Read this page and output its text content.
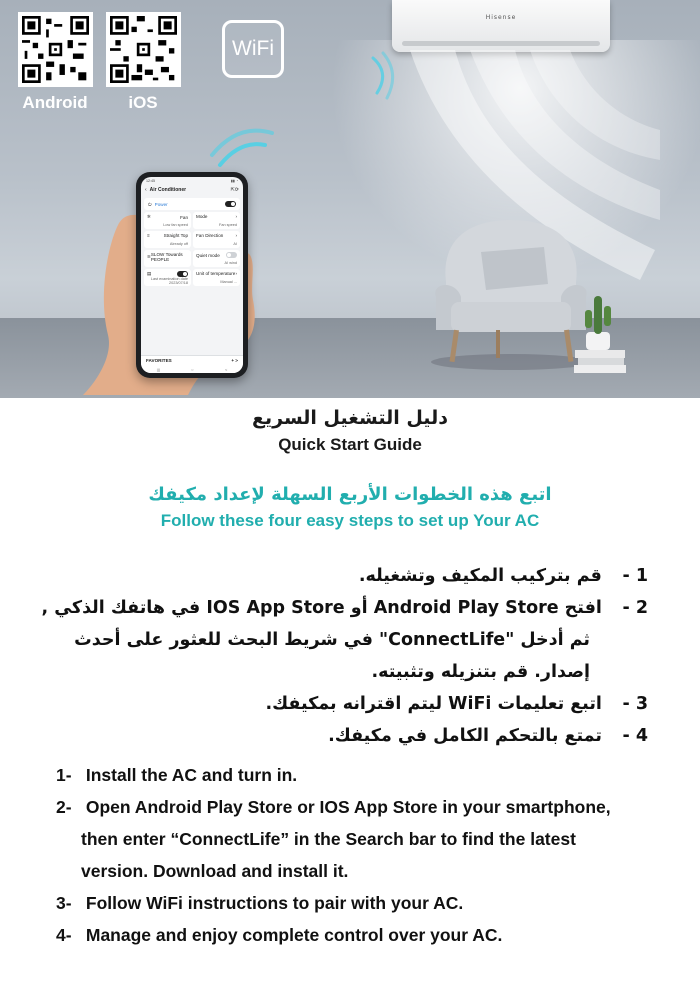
Hisense
Android	iOS
WiFi
12:45	▮▮ ◔
‹ Air Conditioner	⇱ ⟳
⏻ Power
✲	Fan
Low fan speed
Mode	›
Fan speed
≡	Straight Top
Already off
Fan Direction	›
AI
≋ SLOW Towards PEOPLE
Quiet mode
AI wind
▤
Last examination date 2023/07/18
Unit of temperature ›
Manual ...
FAVORITES	+ >
|||	○	<
دليل التشغيل السريع
Quick Start Guide
اتبع هذه الخطوات الأربع السهلة لإعداد مكيفك
Follow these four easy steps to set up Your AC
1 - قم بتركيب المكيف وتشغيله.
2 - افتح Android Play Store أو IOS App Store في هاتفك الذكي ,
ثم أدخل "ConnectLife" في شريط البحث للعثور على أحدث
إصدار. قم بتنزيله وتثبيته.
3 - اتبع تعليمات WiFi ليتم اقترانه بمكيفك.
4 - تمتع بالتحكم الكامل في مكيفك.
1- Install the AC and turn in.
2- Open Android Play Store or IOS App Store in your smartphone,
then enter “ConnectLife” in the Search bar to find the latest
version. Download and install it.
3- Follow WiFi instructions to pair with your AC.
4- Manage and enjoy complete control over your AC.
